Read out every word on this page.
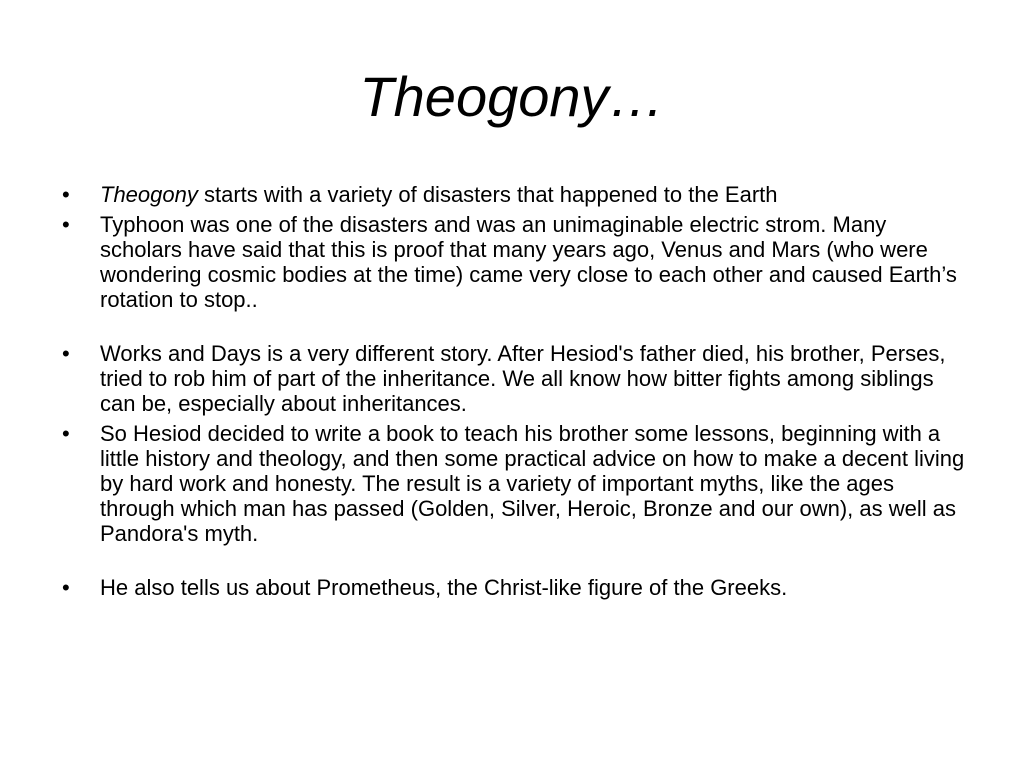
Theogony…
•	Theogony starts with a variety of disasters that happened to the Earth
•	Typhoon was one of the disasters and was an unimaginable electric strom. Many scholars have said that this is proof that many years ago, Venus and Mars (who were wondering cosmic bodies at the time) came very close to each other and caused Earth’s rotation to stop..
•	Works and Days is a very different story. After Hesiod's father died, his brother, Perses, tried to rob him of part of the inheritance. We all know how bitter fights among siblings can be, especially about inheritances.
•	So Hesiod decided to write a book to teach his brother some lessons, beginning with a little history and theology, and then some practical advice on how to make a decent living by hard work and honesty. The result is a variety of important myths, like the ages through which man has passed (Golden, Silver, Heroic, Bronze and our own), as well as Pandora's myth.
•	He also tells us about Prometheus, the Christ-like figure of the Greeks.
